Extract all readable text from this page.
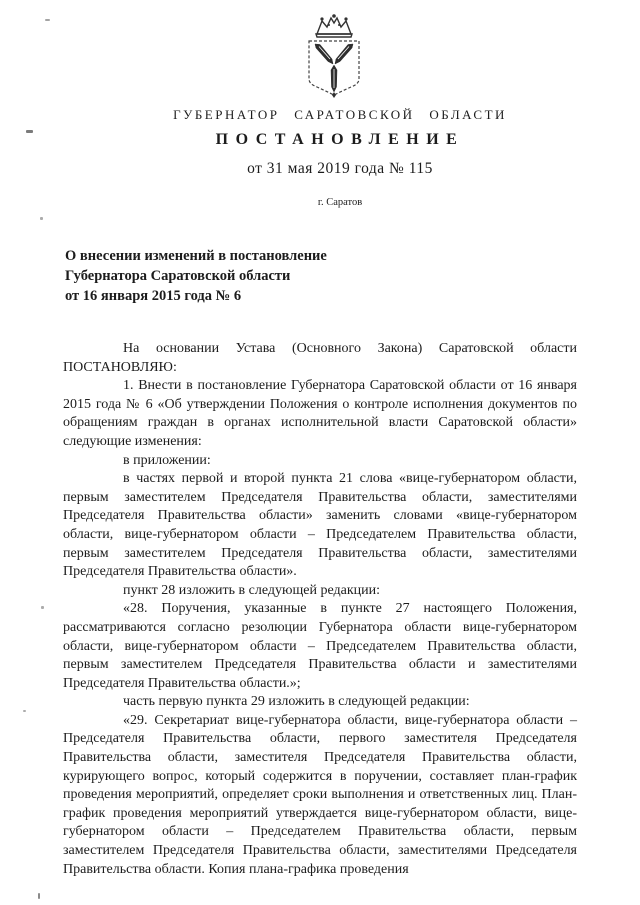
ГУБЕРНАТОР САРАТОВСКОЙ ОБЛАСТИ
ПОСТАНОВЛЕНИЕ
от 31 мая 2019 года № 115
г. Саратов
О внесении изменений в постановление
Губернатора Саратовской области
от 16 января 2015 года № 6
На основании Устава (Основного Закона) Саратовской области
ПОСТАНОВЛЯЮ:

1. Внести в постановление Губернатора Саратовской области от 16 января 2015 года № 6 «Об утверждении Положения о контроле исполнения документов по обращениям граждан в органах исполнительной власти Саратовской области» следующие изменения:

в приложении:

в частях первой и второй пункта 21 слова «вице-губернатором области, первым заместителем Председателя Правительства области, заместителями Председателя Правительства области» заменить словами «вице-губернатором области, вице-губернатором области – Председателем Правительства области, первым заместителем Председателя Правительства области, заместителями Председателя Правительства области».

пункт 28 изложить в следующей редакции:

«28. Поручения, указанные в пункте 27 настоящего Положения, рассматриваются согласно резолюции Губернатора области вице-губернатором области, вице-губернатором области – Председателем Правительства области, первым заместителем Председателя Правительства области и заместителями Председателя Правительства области.»;

часть первую пункта 29 изложить в следующей редакции:

«29. Секретариат вице-губернатора области, вице-губернатора области – Председателя Правительства области, первого заместителя Председателя Правительства области, заместителя Председателя Правительства области, курирующего вопрос, который содержится в поручении, составляет план-график проведения мероприятий, определяет сроки выполнения и ответственных лиц. План-график проведения мероприятий утверждается вице-губернатором области, вице-губернатором области – Председателем Правительства области, первым заместителем Председателя Правительства области, заместителями Председателя Правительства области. Копия плана-графика проведения
